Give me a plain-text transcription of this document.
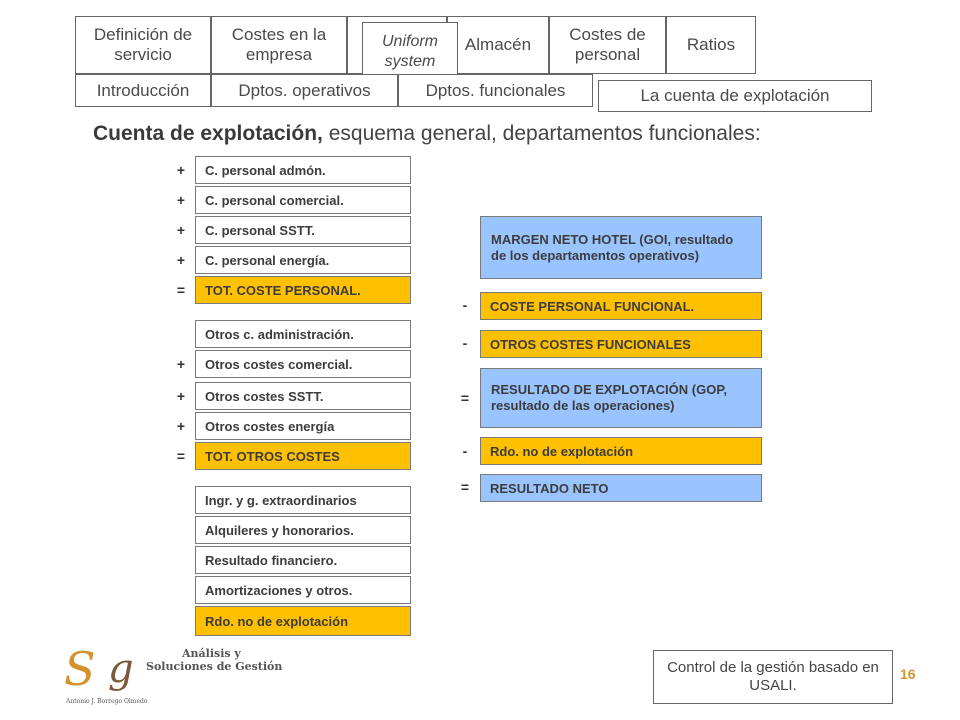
Definición de servicio
Costes en la empresa
Almacén
Costes de personal
Ratios
Uniform system
Introducción	Dptos. operativos	Dptos. funcionales	La cuenta de explotación
Cuenta de explotación, esquema general, departamentos funcionales:
+ C. personal admón.
+ C. personal comercial.
+ C. personal SSTT.
+ C. personal energía.
= TOT. COSTE PERSONAL.
Otros c. administración.
+ Otros costes comercial.
+ Otros costes SSTT.
+ Otros costes energía
= TOT. OTROS COSTES
Ingr. y g. extraordinarios
Alquileres y honorarios.
Resultado financiero.
Amortizaciones y otros.
Rdo. no de explotación
MARGEN NETO HOTEL (GOI, resultado de los departamentos operativos)
-	COSTE PERSONAL FUNCIONAL.
-	OTROS COSTES FUNCIONALES
=
RESULTADO DE EXPLOTACIÓN (GOP, resultado de las operaciones)
-	Rdo. no de explotación
= RESULTADO NETO
S g	Análisis y
Soluciones de Gestión
Antonio J. Borrego Olmedo
Control de la gestión basado en USALI.
16
